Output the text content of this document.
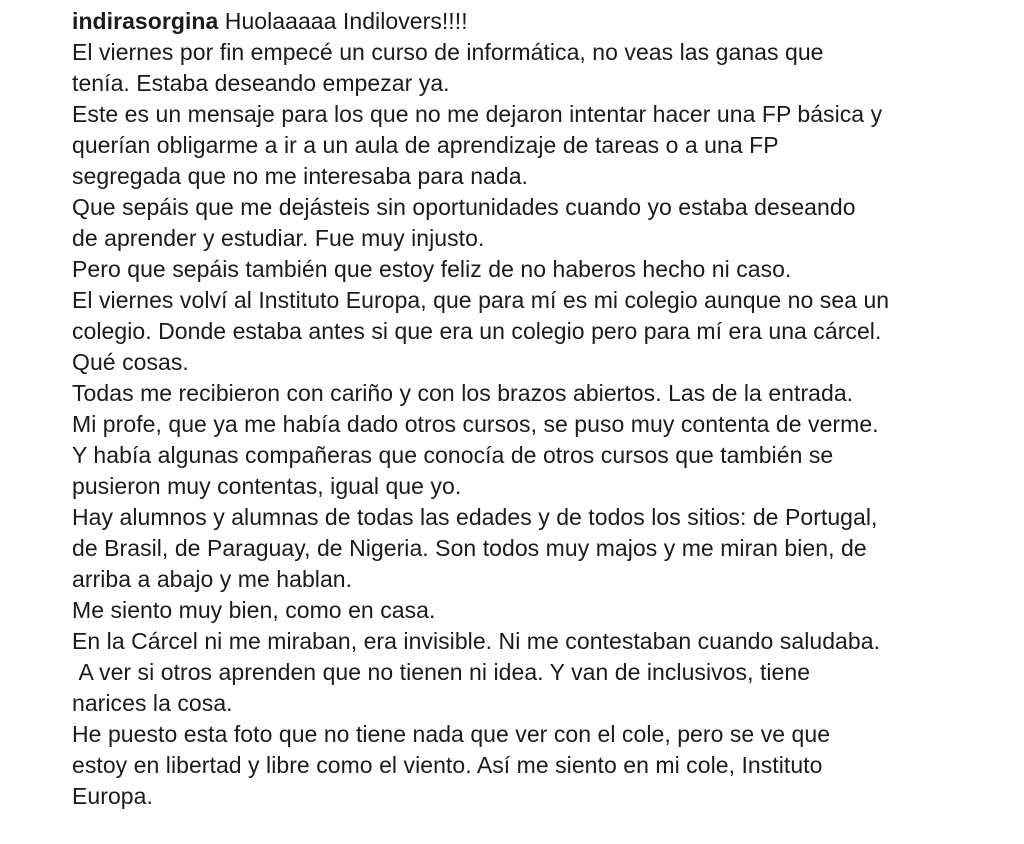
indirasorgina Huolaaaaa Indilovers!!!!

El viernes por fin empecé un curso de informática, no veas las ganas que
tenía. Estaba deseando empezar ya.

Este es un mensaje para los que no me dejaron intentar hacer una FP básica y
querían obligarme a ir a un aula de aprendizaje de tareas o a una FP
segregada que no me interesaba para nada.

Que sepáis que me dejásteis sin oportunidades cuando yo estaba deseando
de aprender y estudiar. Fue muy injusto.

Pero que sepáis también que estoy feliz de no haberos hecho ni caso.

El viernes volví al Instituto Europa, que para mí es mi colegio aunque no sea un
colegio. Donde estaba antes si que era un colegio pero para mí era una cárcel.
Qué cosas.

Todas me recibieron con cariño y con los brazos abiertos. Las de la entrada.
Mi profe, que ya me había dado otros cursos, se puso muy contenta de verme.
Y había algunas compañeras que conocía de otros cursos que también se
pusieron muy contentas, igual que yo.

Hay alumnos y alumnas de todas las edades y de todos los sitios: de Portugal,
de Brasil, de Paraguay, de Nigeria. Son todos muy majos y me miran bien, de
arriba a abajo y me hablan.

Me siento muy bien, como en casa.

En la Cárcel ni me miraban, era invisible. Ni me contestaban cuando saludaba.

A ver si otros aprenden que no tienen ni idea. Y van de inclusivos, tiene
narices la cosa.

He puesto esta foto que no tiene nada que ver con el cole, pero se ve que
estoy en libertad y libre como el viento. Así me siento en mi cole, Instituto
Europa.
